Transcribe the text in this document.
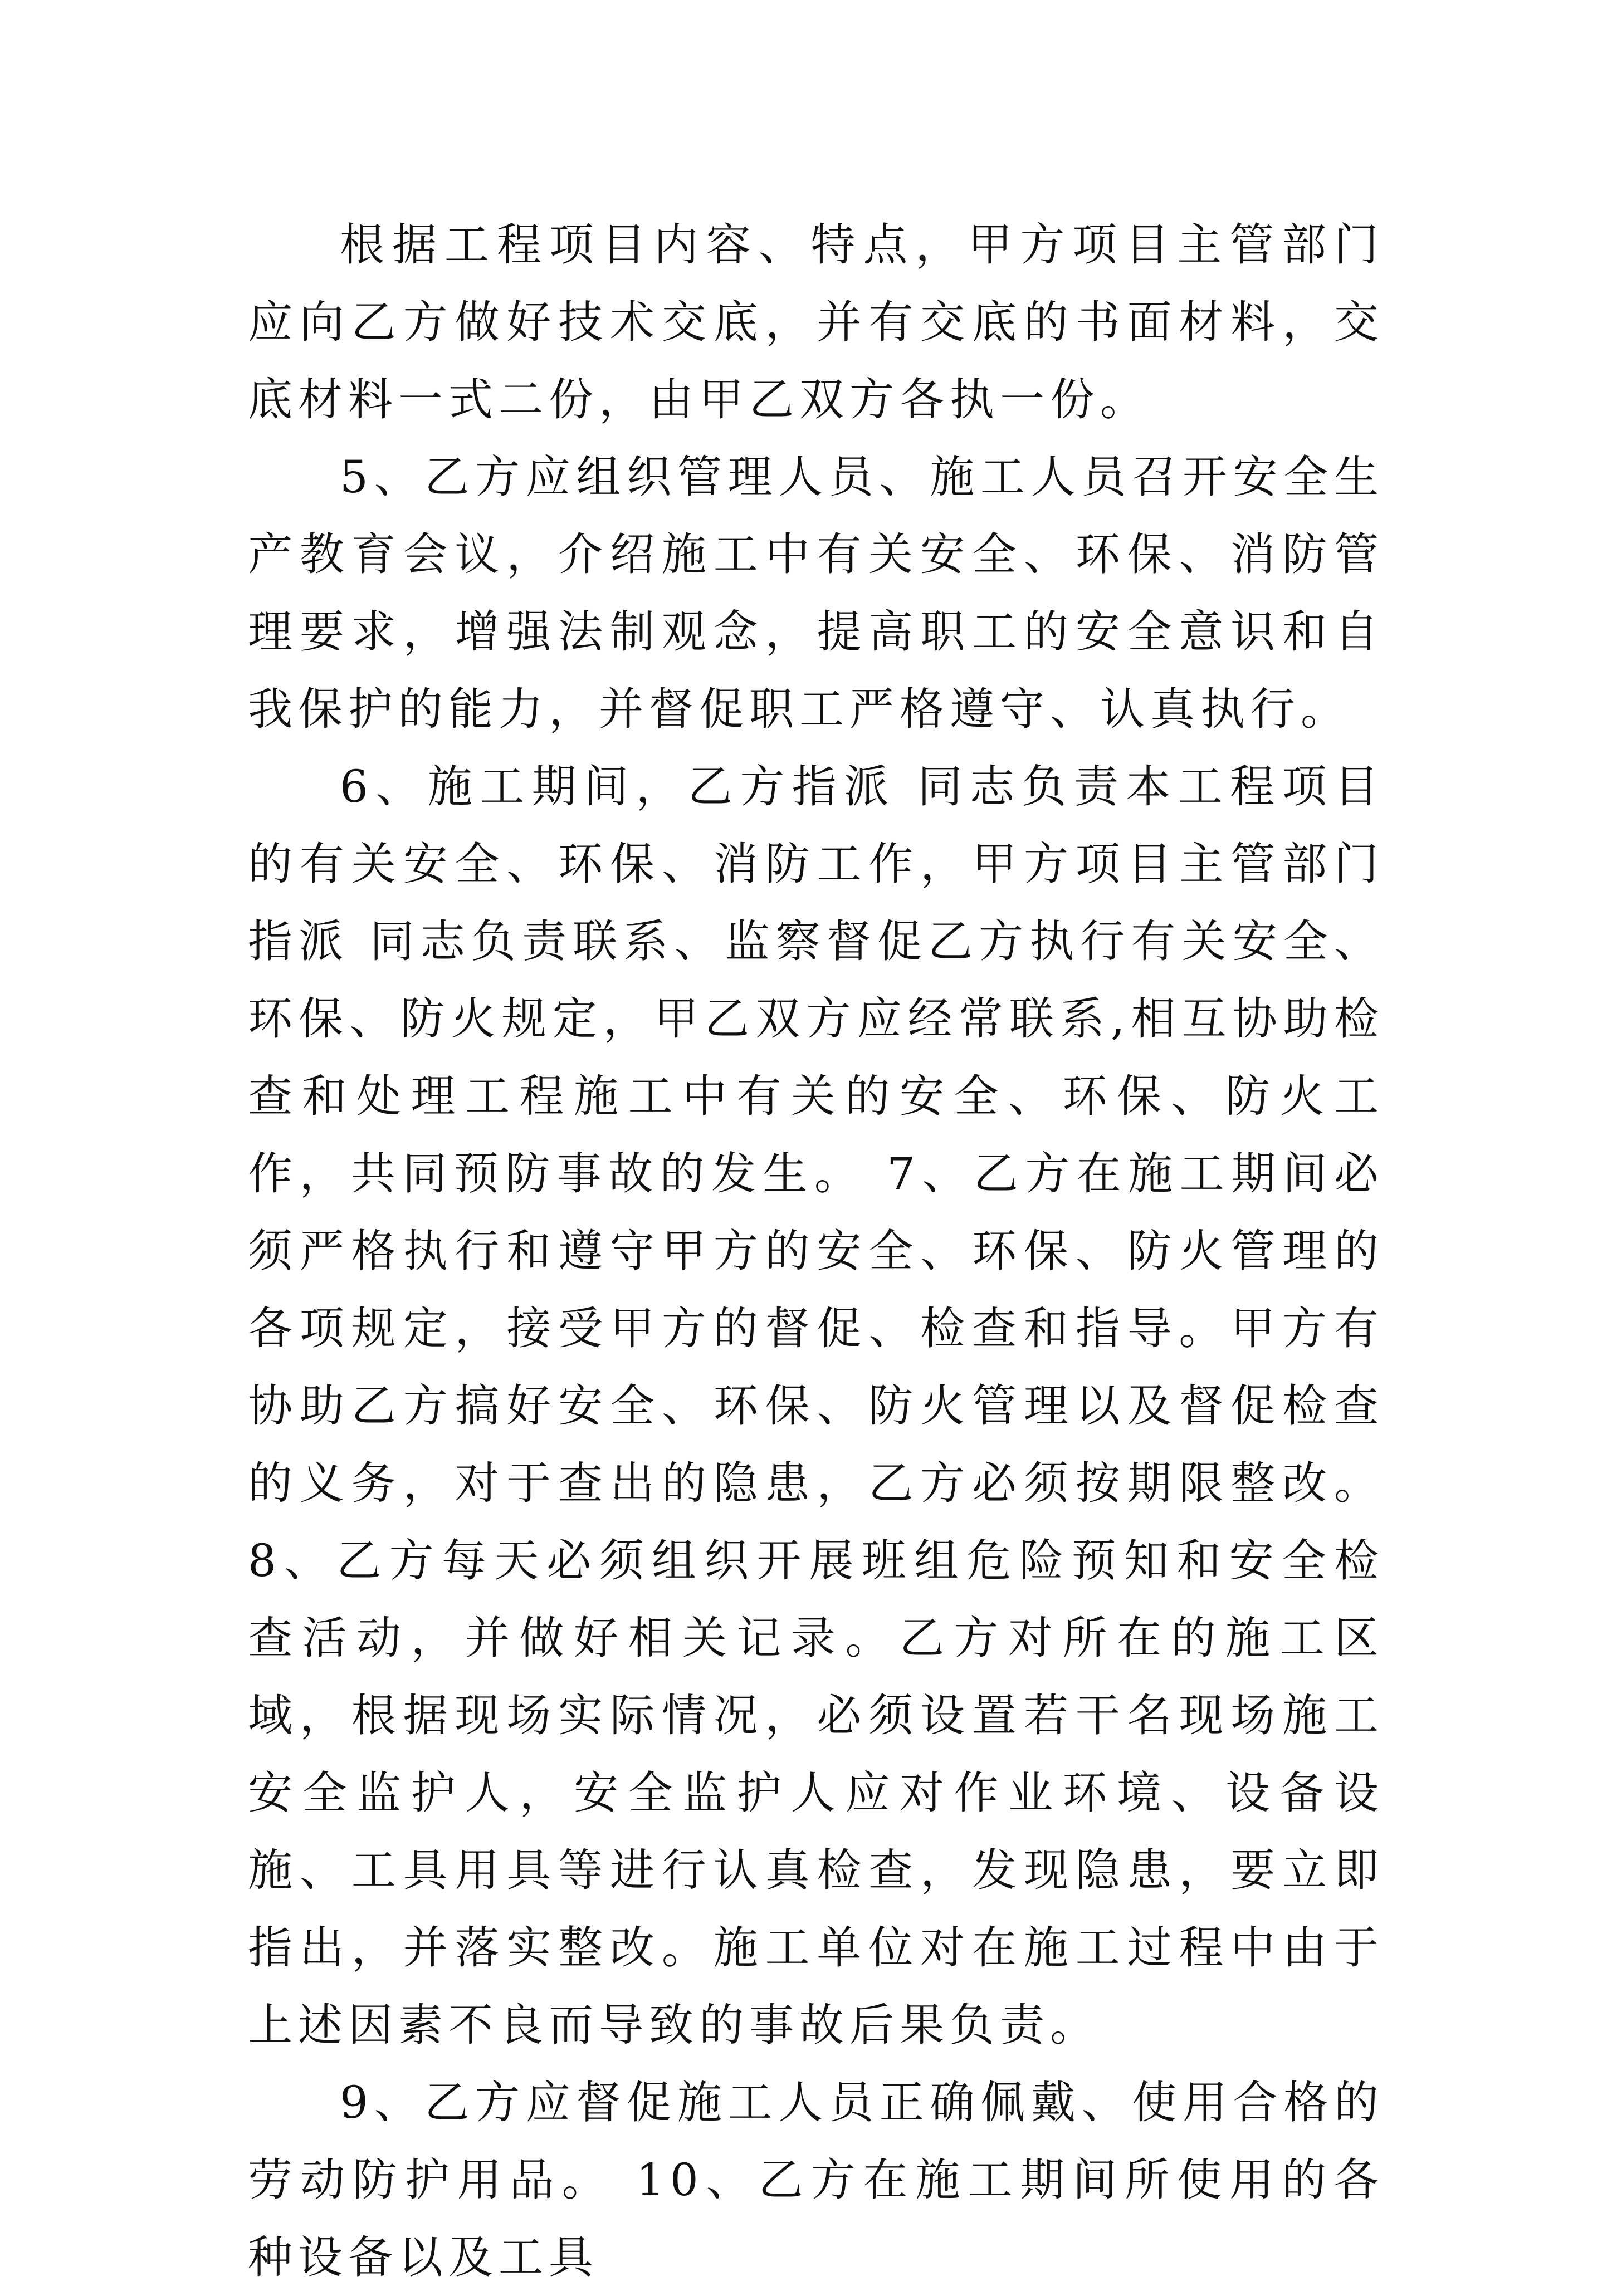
根据工程项目内容、特点，甲方项目主管部门应向乙方做好技术交底，并有交底的书面材料，交底材料一式二份，由甲乙双方各执一份。

5、乙方应组织管理人员、施工人员召开安全生产教育会议，介绍施工中有关安全、环保、消防管理要求，增强法制观念，提高职工的安全意识和自我保护的能力，并督促职工严格遵守、认真执行。

6、施工期间，乙方指派 同志负责本工程项目的有关安全、环保、消防工作，甲方项目主管部门指派 同志负责联系、监察督促乙方执行有关安全、环保、防火规定，甲乙双方应经常联系,相互协助检查和处理工程施工中有关的安全、环保、防火工作，共同预防事故的发生。 7、乙方在施工期间必须严格执行和遵守甲方的安全、环保、防火管理的各项规定，接受甲方的督促、检查和指导。甲方有协助乙方搞好安全、环保、防火管理以及督促检查的义务，对于查出的隐患，乙方必须按期限整改。 8、乙方每天必须组织开展班组危险预知和安全检查活动，并做好相关记录。乙方对所在的施工区域，根据现场实际情况，必须设置若干名现场施工安全监护人，安全监护人应对作业环境、设备设施、工具用具等进行认真检查，发现隐患，要立即指出，并落实整改。施工单位对在施工过程中由于上述因素不良而导致的事故后果负责。

9、乙方应督促施工人员正确佩戴、使用合格的劳动防护用品。 10、乙方在施工期间所使用的各种设备以及工具
